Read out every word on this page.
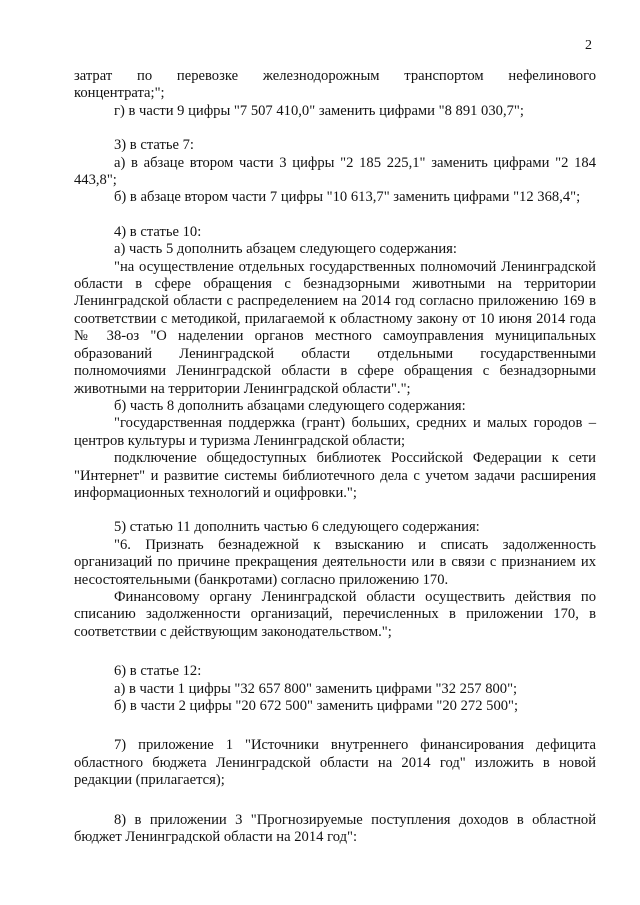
2
затрат по перевозке железнодорожным транспортом нефелинового
концентрата;";
г) в части 9 цифры "7 507 410,0" заменить цифрами "8 891 030,7";
3) в статье 7:
а) в абзаце втором части 3 цифры "2 185 225,1" заменить цифрами "2 184 443,8";
б) в абзаце втором части 7 цифры "10 613,7" заменить цифрами "12 368,4";
4) в статье 10:
а) часть 5 дополнить абзацем следующего содержания:
"на осуществление отдельных государственных полномочий Ленинградской области в сфере обращения с безнадзорными животными на территории Ленинградской области с распределением на 2014 год согласно приложению 169 в соответствии с методикой, прилагаемой к областному закону от 10 июня 2014 года № 38-оз "О наделении органов местного самоуправления муниципальных образований Ленинградской области отдельными государственными полномочиями Ленинградской области в сфере обращения с безнадзорными животными на территории Ленинградской области".";
б) часть 8 дополнить абзацами следующего содержания:
"государственная поддержка (грант) больших, средних и малых городов – центров культуры и туризма Ленинградской области;
подключение общедоступных библиотек Российской Федерации к сети "Интернет" и развитие системы библиотечного дела с учетом задачи расширения информационных технологий и оцифровки.";
5) статью 11 дополнить частью 6 следующего содержания:
"6. Признать безнадежной к взысканию и списать задолженность организаций по причине прекращения деятельности или в связи с признанием их несостоятельными (банкротами) согласно приложению 170.
Финансовому органу Ленинградской области осуществить действия по списанию задолженности организаций, перечисленных в приложении 170, в соответствии с действующим законодательством.";
6) в статье 12:
а) в части 1 цифры "32 657 800" заменить цифрами "32 257 800";
б) в части 2 цифры "20 672 500" заменить цифрами "20 272 500";
7) приложение 1 "Источники внутреннего финансирования дефицита областного бюджета Ленинградской области на 2014 год" изложить в новой редакции (прилагается);
8) в приложении 3 "Прогнозируемые поступления доходов в областной бюджет Ленинградской области на 2014 год":
